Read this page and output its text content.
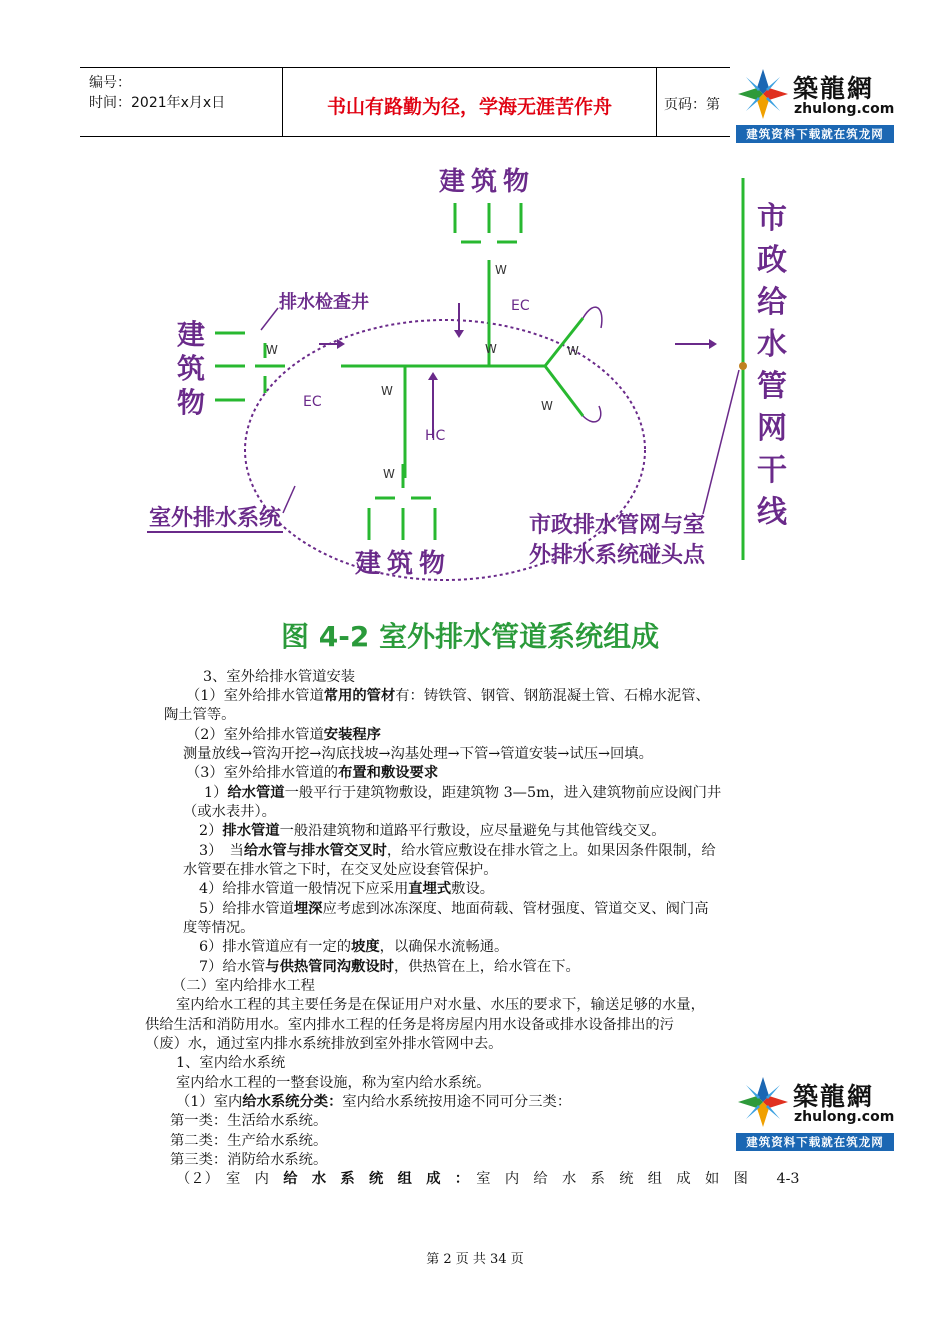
编号：
时间：2021年x月x日	书山有路勤为径，学海无涯苦作舟	页码：第
築龍網
zhulong.com
建筑资料下载就在筑龙网
W
W	W
W
W
W
W
建筑物
建
筑
物
建筑物
排水检查井
EC
EC
HC
室外排水系统	市政排水管网与室
外排水系统碰头点
市
政
给
水
管
网
干
线
图 4-2 室外排水管道系统组成
3、室外给排水管道安装
（1）室外给排水管道常用的管材有：铸铁管、钢管、钢筋混凝土管、石棉水泥管、
陶土管等。
（2）室外给排水管道安装程序
测量放线→管沟开挖→沟底找坡→沟基处理→下管→管道安装→试压→回填。
（3）室外给排水管道的布置和敷设要求
1）给水管道一般平行于建筑物敷设，距建筑物 3—5m，进入建筑物前应设阀门井
（或水表井）。
2）排水管道一般沿建筑物和道路平行敷设，应尽量避免与其他管线交叉。
3）　当给水管与排水管交叉时，给水管应敷设在排水管之上。如果因条件限制，给
水管要在排水管之下时，在交叉处应设套管保护。
4）给排水管道一般情况下应采用直埋式敷设。
5）给排水管道埋深应考虑到冰冻深度、地面荷载、管材强度、管道交叉、阀门高
度等情况。
6）排水管道应有一定的坡度，以确保水流畅通。
7）给水管与供热管同沟敷设时，供热管在上，给水管在下。
（二）室内给排水工程
室内给水工程的其主要任务是在保证用户对水量、水压的要求下，输送足够的水量，
供给生活和消防用水。室内排水工程的任务是将房屋内用水设备或排水设备排出的污
（废）水，通过室内排水系统排放到室外排水管网中去。
1、室内给水系统
室内给水工程的一整套设施，称为室内给水系统。
（1）室内给水系统分类：室内给水系统按用途不同可分三类：
第一类：生活给水系统。
第二类：生产给水系统。
第三类：消防给水系统。
（２）　室　内　给　水　系　统　组　成　：　室　内　给　水　系　统　组　成　如　图　　4-3
築龍網
zhulong.com
建筑资料下载就在筑龙网
第 2 页 共 34 页
